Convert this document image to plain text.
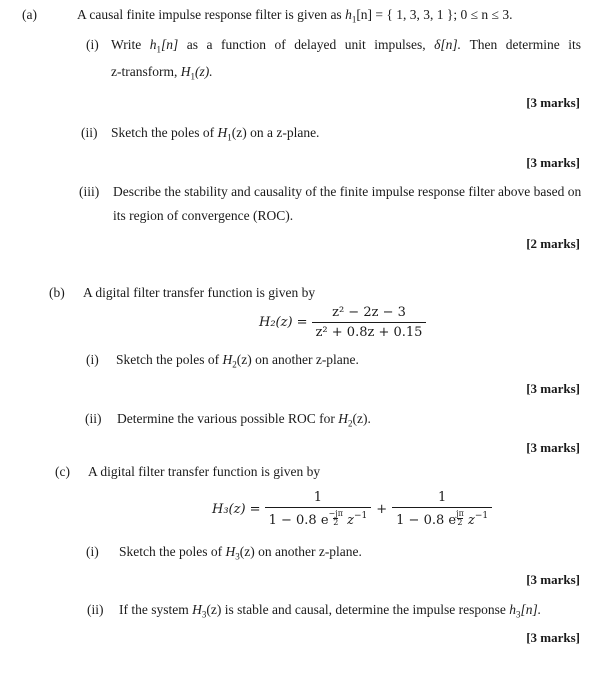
(a)	A causal finite impulse response filter is given as $h_1[n]$ = { 1, 3, 3, 1 }; 0 ≤ n ≤ 3.
(i) Write $h_1[n]$ as a function of delayed unit impulses, δ[n]. Then determine its
z-transform, $H_1(z)$.
[3 marks]
(ii) Sketch the poles of $H_1(z)$ on a z-plane.
[3 marks]
(iii) Describe the stability and causality of the finite impulse response filter above based on
its region of convergence (ROC).
[2 marks]
(b) A digital filter transfer function is given by
$H_2(z) = \frac{\text{z² − 2z − 3}}{\text{z² + 0.8z + 0.15}}$
(i) Sketch the poles of $H_2(z)$ on another z-plane.
[3 marks]
(ii) Determine the various possible ROC for $H_2(z)$.
[3 marks]
(c) A digital filter transfer function is given by
$H_3(z) = \frac{1}{1 - 0.8 e \frac{-j\pi}{2} z^{-1}} + \frac{1}{1 - 0.8 e \frac{j\pi}{2} z^{-1}}$
(i) Sketch the poles of $H_3(z)$ on another z-plane.
[3 marks]
(ii) If the system $H_3(z)$ is stable and causal, determine the impulse response $h_3[n]$.
[3 marks]
